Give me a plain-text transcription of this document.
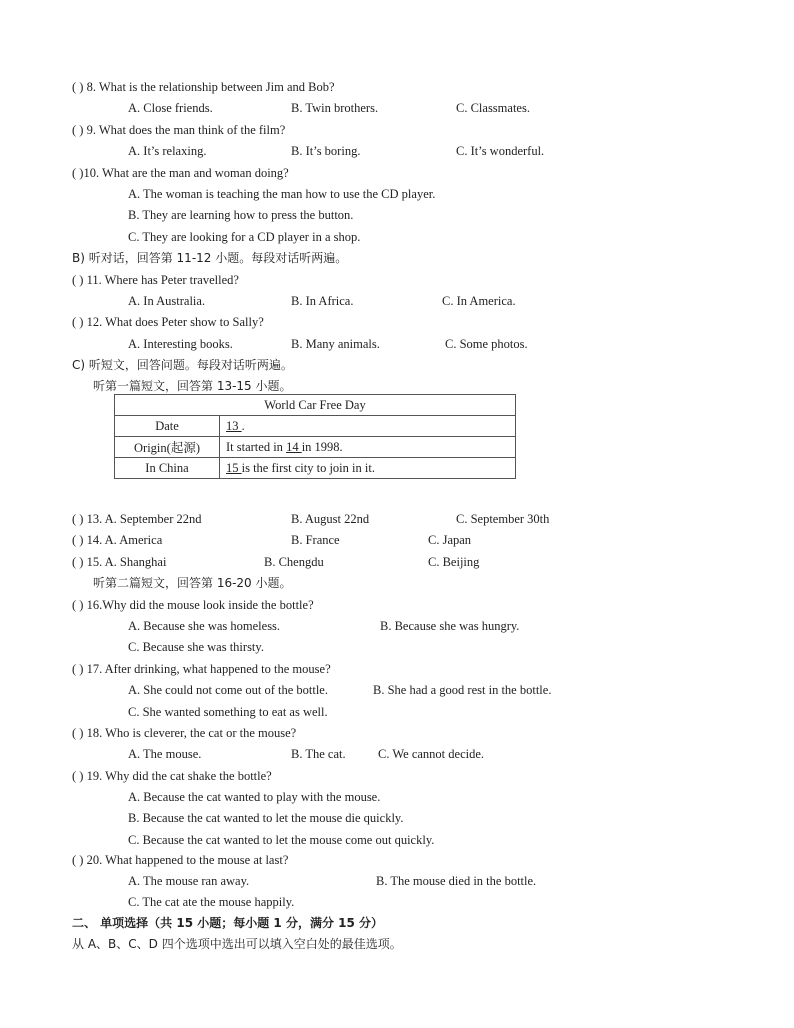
( ) 8. What is the relationship between Jim and Bob?
A. Close friends.	B. Twin brothers.	C. Classmates.
( ) 9. What does the man think of the film?
A. It’s relaxing.	B. It’s boring.	C. It’s wonderful.
( )10. What are the man and woman doing?
A. The woman is teaching the man how to use the CD player.
B. They are learning how to press the button.
C. They are looking for a CD player in a shop.
B) 听对话，回答第 11-12 小题。每段对话听两遍。
( ) 11. Where has Peter travelled?
A. In Australia.	B. In Africa.	C. In America.
( ) 12. What does Peter show to Sally?
A. Interesting books.	B. Many animals.	C. Some photos.
C) 听短文，回答问题。每段对话听两遍。
听第一篇短文，回答第 13-15 小题。
( ) 13. A. September 22nd	B. August 22nd	C. September 30th
( ) 14. A. America	B. France	C. Japan
( ) 15. A. Shanghai	B. Chengdu	C. Beijing
听第二篇短文，回答第 16-20 小题。
( ) 16.Why did the mouse look inside the bottle?
A. Because she was homeless.	B. Because she was hungry.
C. Because she was thirsty.
( ) 17. After drinking, what happened to the mouse?
A. She could not come out of the bottle.	B. She had a good rest in the bottle.
C. She wanted something to eat as well.
( ) 18. Who is cleverer, the cat or the mouse?
A. The mouse.	B. The cat.	C. We cannot decide.
( ) 19. Why did the cat shake the bottle?
A. Because the cat wanted to play with the mouse.
B. Because the cat wanted to let the mouse die quickly.
C. Because the cat wanted to let the mouse come out quickly.
( ) 20. What happened to the mouse at last?
A. The mouse ran away.	B. The mouse died in the bottle.
C. The cat ate the mouse happily.
二、 单项选择（共 15 小题；每小题 1 分，满分 15 分）
从 A、B、C、D 四个选项中选出可以填入空白处的最佳选项。
World Car Free Day	
Date	13 .
Origin(起源)	It started in 14 in 1998.
In China	15 is the first city to join in it.
